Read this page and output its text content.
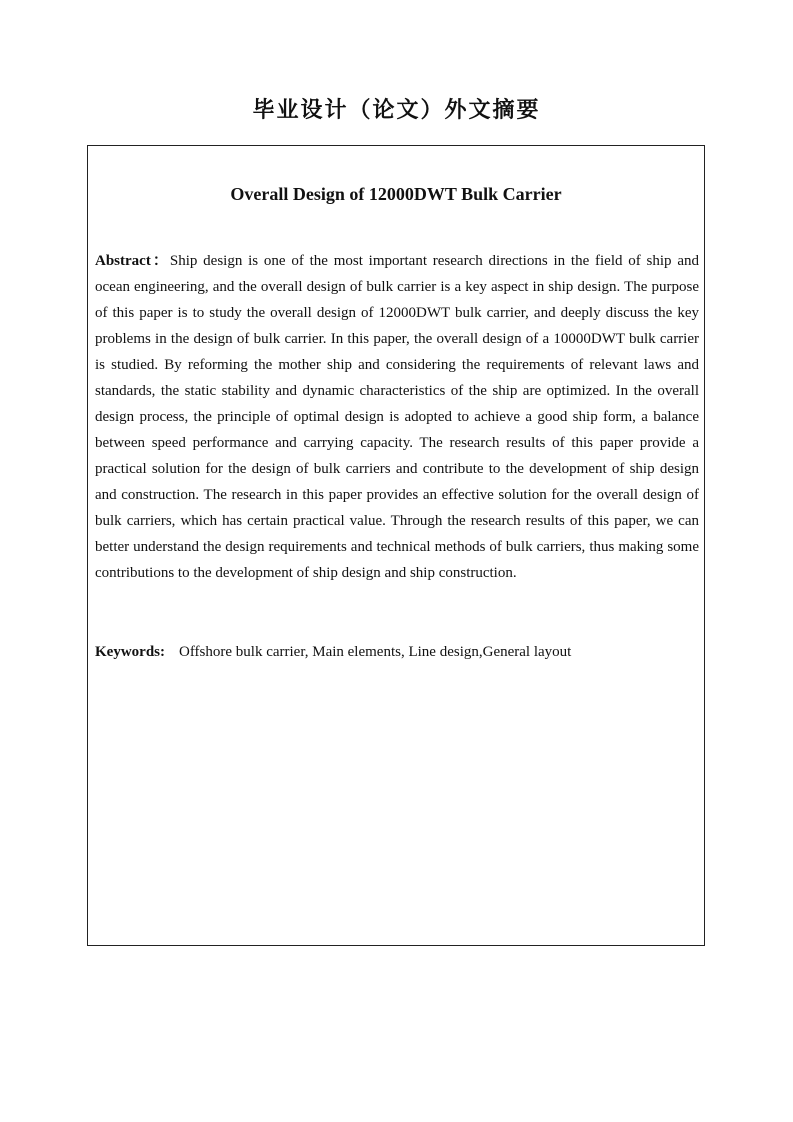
毕业设计（论文）外文摘要
Overall Design of 12000DWT Bulk Carrier
Abstract：Ship design is one of the most important research directions in the field of ship and ocean engineering, and the overall design of bulk carrier is a key aspect in ship design. The purpose of this paper is to study the overall design of 12000DWT bulk carrier, and deeply discuss the key problems in the design of bulk carrier. In this paper, the overall design of a 10000DWT bulk carrier is studied. By reforming the mother ship and considering the requirements of relevant laws and standards, the static stability and dynamic characteristics of the ship are optimized. In the overall design process, the principle of optimal design is adopted to achieve a good ship form, a balance between speed performance and carrying capacity. The research results of this paper provide a practical solution for the design of bulk carriers and contribute to the development of ship design and construction. The research in this paper provides an effective solution for the overall design of bulk carriers, which has certain practical value. Through the research results of this paper, we can better understand the design requirements and technical methods of bulk carriers, thus making some contributions to the development of ship design and ship construction.
Keywords: Offshore bulk carrier, Main elements, Line design,General layout
